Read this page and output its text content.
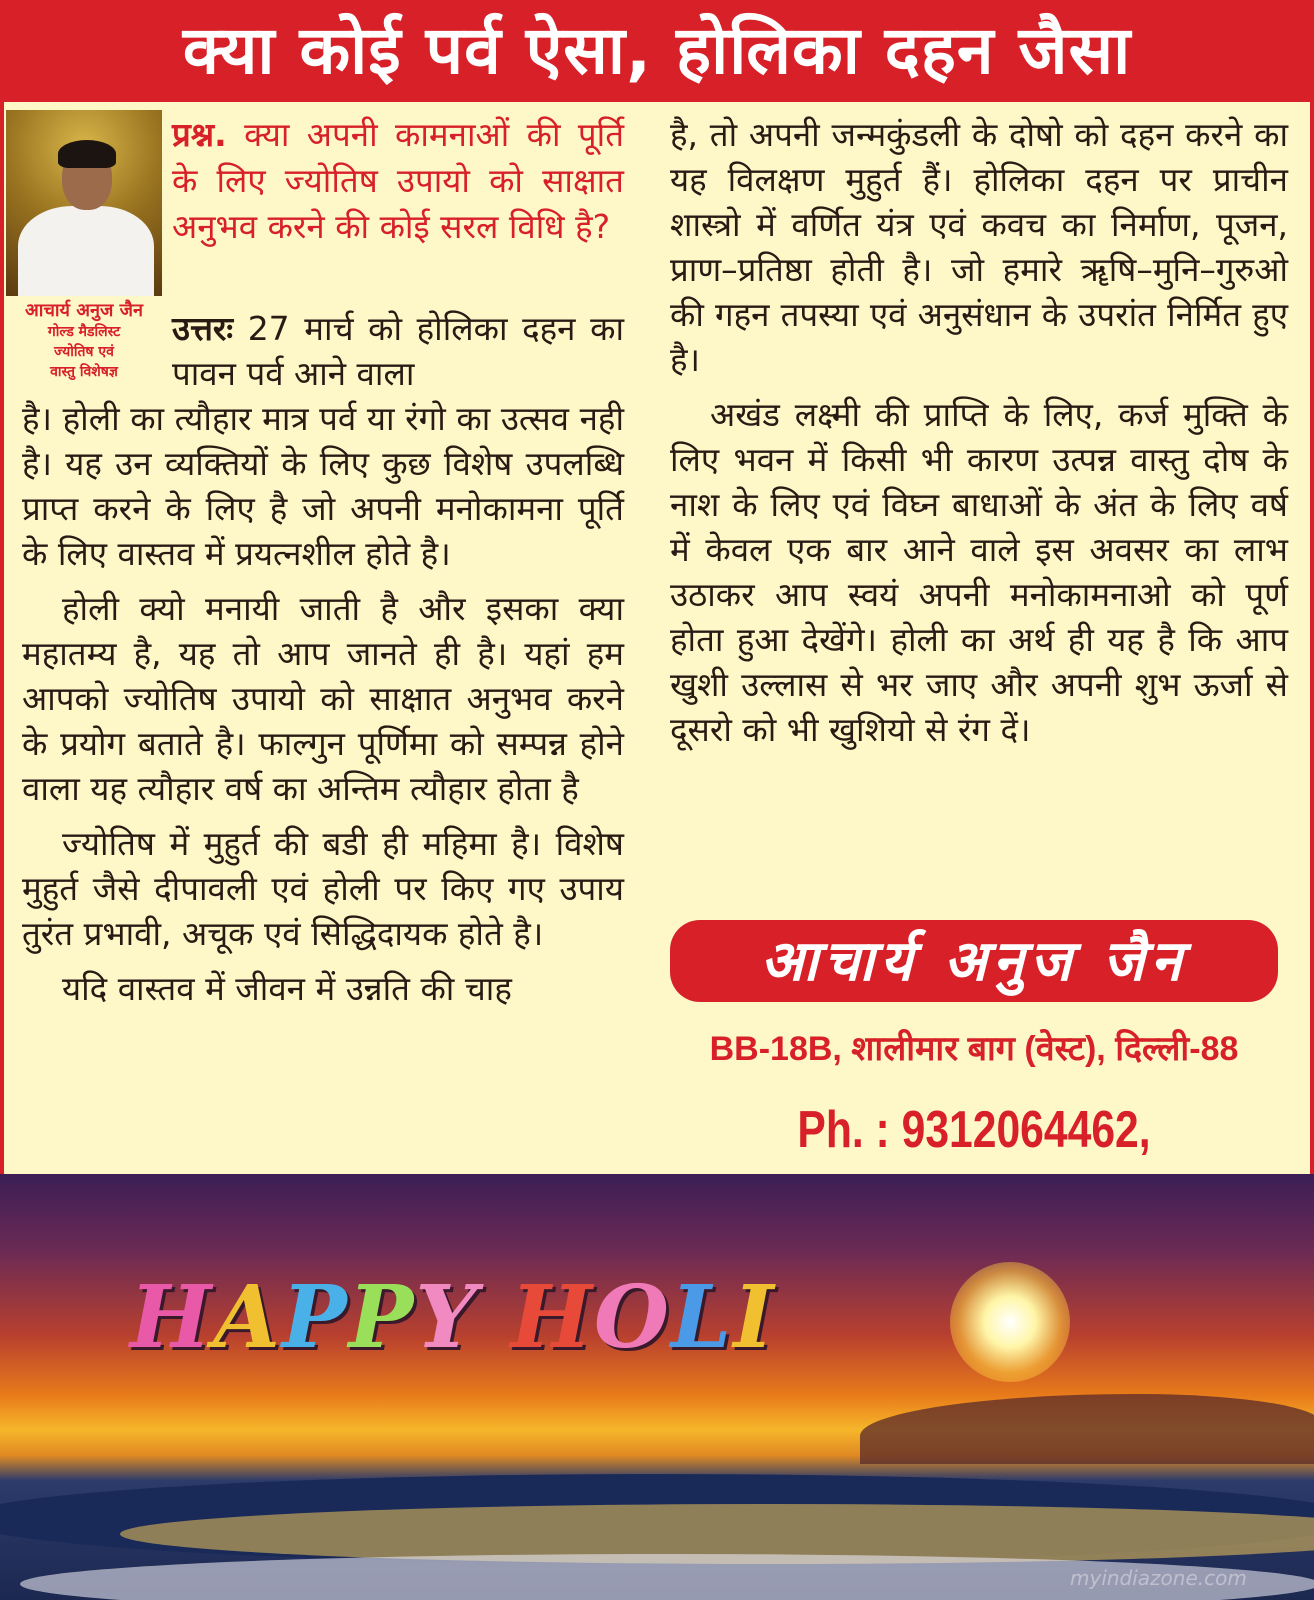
क्या कोई पर्व ऐसा, होलिका दहन जैसा
आचार्य अनुज जैन
गोल्ड मैडलिस्ट
ज्योतिष एवं
वास्तु विशेषज्ञ
प्रश्न. क्या अपनी कामनाओं की पूर्ति के लिए ज्योतिष उपायो को साक्षात अनुभव करने की कोई सरल विधि है?
उत्तरः 27 मार्च को होलिका दहन का पावन पर्व आने वाला

है। होली का त्यौहार मात्र पर्व या रंगो का उत्सव नही है। यह उन व्यक्तियों के लिए कुछ विशेष उपलब्धि प्राप्त करने के लिए है जो अपनी मनोकामना पूर्ति के लिए वास्तव में प्रयत्नशील होते है।

होली क्यो मनायी जाती है और इसका क्या महातम्य है, यह तो आप जानते ही है। यहां हम आपको ज्योतिष उपायो को साक्षात अनुभव करने के प्रयोग बताते है। फाल्गुन पूर्णिमा को सम्पन्न होने वाला यह त्यौहार वर्ष का अन्तिम त्यौहार होता है

ज्योतिष में मुहुर्त की बडी ही महिमा है। विशेष मुहुर्त जैसे दीपावली एवं होली पर किए गए उपाय तुरंत प्रभावी, अचूक एवं सिद्धिदायक होते है।

यदि वास्तव में जीवन में उन्नति की चाह

है, तो अपनी जन्मकुंडली के दोषो को दहन करने का यह विलक्षण मुहुर्त हैं। होलिका दहन पर प्राचीन शास्त्रो में वर्णित यंत्र एवं कवच का निर्माण, पूजन, प्राण–प्रतिष्ठा होती है। जो हमारे ॠषि–मुनि–गुरुओ की गहन तपस्या एवं अनुसंधान के उपरांत निर्मित हुए है।

अखंड लक्ष्मी की प्राप्ति के लिए, कर्ज मुक्ति के लिए भवन में किसी भी कारण उत्पन्न वास्तु दोष के नाश के लिए एवं विघ्न बाधाओं के अंत के लिए वर्ष में केवल एक बार आने वाले इस अवसर का लाभ उठाकर आप स्वयं अपनी मनोकामनाओ को पूर्ण होता हुआ देखेंगे। होली का अर्थ ही यह है कि आप खुशी उल्लास से भर जाए और अपनी शुभ ऊर्जा से दूसरो को भी खुशियो से रंग दें।

आचार्य अनुज जैन
BB-18B, शालीमार बाग (वेस्ट), दिल्ली-88
Ph. : 9312064462,
HAPPY HOLI
myindiazone.com
